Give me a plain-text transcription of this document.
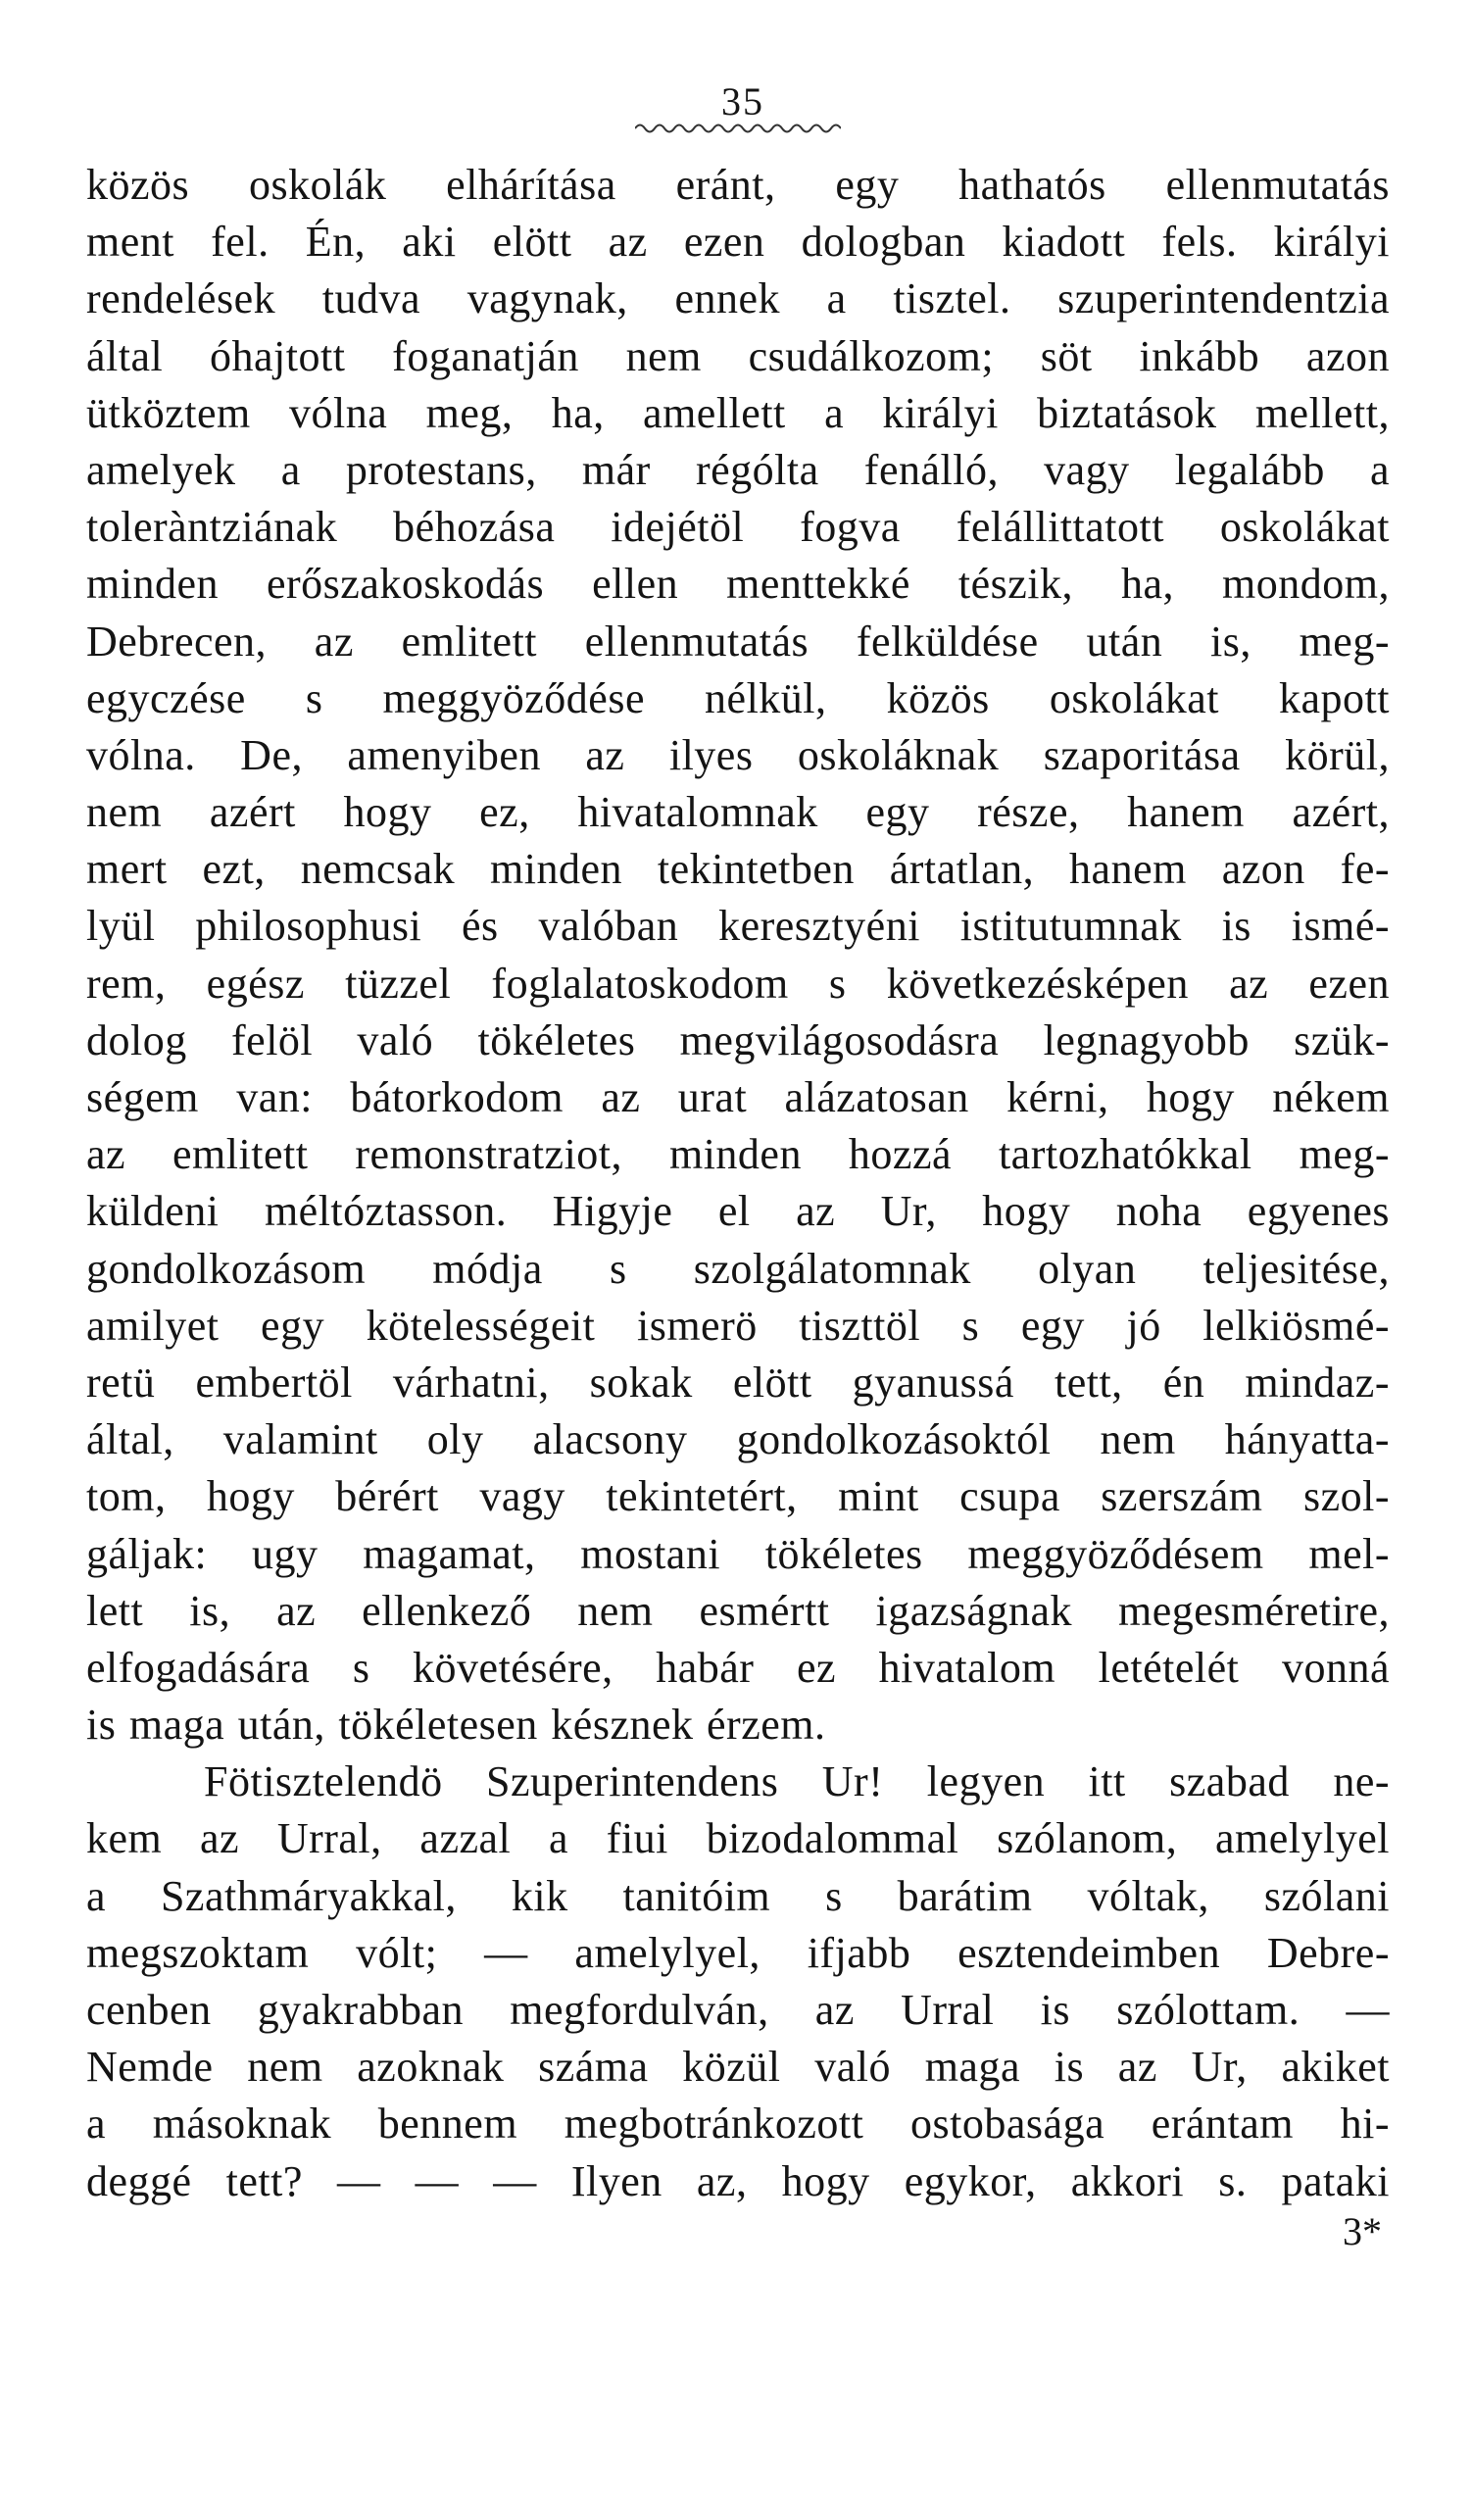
35
közös oskolák elhárítása eránt, egy hathatós ellenmutatás
ment fel. Én, aki elött az ezen dologban kiadott fels. királyi
rendelések tudva vagynak, ennek a tisztel. szuperintendentzia
által óhajtott foganatján nem csudálkozom; söt inkább azon
ütköztem vólna meg, ha, amellett a királyi biztatások mellett,
amelyek a protestans, már régólta fenálló, vagy legalább a
toleràntziának béhozása idejétöl fogva felállittatott oskolákat
minden erőszakoskodás ellen menttekké tészik, ha, mondom,
Debrecen, az emlitett ellenmutatás felküldése után is, meg-
egyczése s meggyöződése nélkül, közös oskolákat kapott
vólna. De, amenyiben az ilyes oskoláknak szaporitása körül,
nem azért hogy ez, hivatalomnak egy része, hanem azért,
mert ezt, nemcsak minden tekintetben ártatlan, hanem azon fe-
lyül philosophusi és valóban keresztyéni istitutumnak is ismé-
rem, egész tüzzel foglalatoskodom s következésképen az ezen
dolog felöl való tökéletes megvilágosodásra legnagyobb szük-
ségem van: bátorkodom az urat alázatosan kérni, hogy nékem
az emlitett remonstratziot, minden hozzá tartozhatókkal meg-
küldeni méltóztasson. Higyje el az Ur, hogy noha egyenes
gondolkozásom módja s szolgálatomnak olyan teljesitése,
amilyet egy kötelességeit ismerö tiszttöl s egy jó lelkiösmé-
retü embertöl várhatni, sokak elött gyanussá tett, én mindaz-
által, valamint oly alacsony gondolkozásoktól nem hányatta-
tom, hogy bérért vagy tekintetért, mint csupa szerszám szol-
gáljak: ugy magamat, mostani tökéletes meggyöződésem mel-
lett is, az ellenkező nem esmértt igazságnak megesméretire,
elfogadására s követésére, habár ez hivatalom letételét vonná
is maga után, tökéletesen késznek érzem.
Fötisztelendö Szuperintendens Ur! legyen itt szabad ne-
kem az Urral, azzal a fiui bizodalommal szólanom, amelylyel
a Szathmáryakkal, kik tanitóim s barátim vóltak, szólani
megszoktam vólt; — amelylyel, ifjabb esztendeimben Debre-
cenben gyakrabban megfordulván, az Urral is szólottam. —
Nemde nem azoknak száma közül való maga is az Ur, akiket
a másoknak bennem megbotránkozott ostobasága erántam hi-
deggé tett? — — — Ilyen az, hogy egykor, akkori s. pataki
3*
